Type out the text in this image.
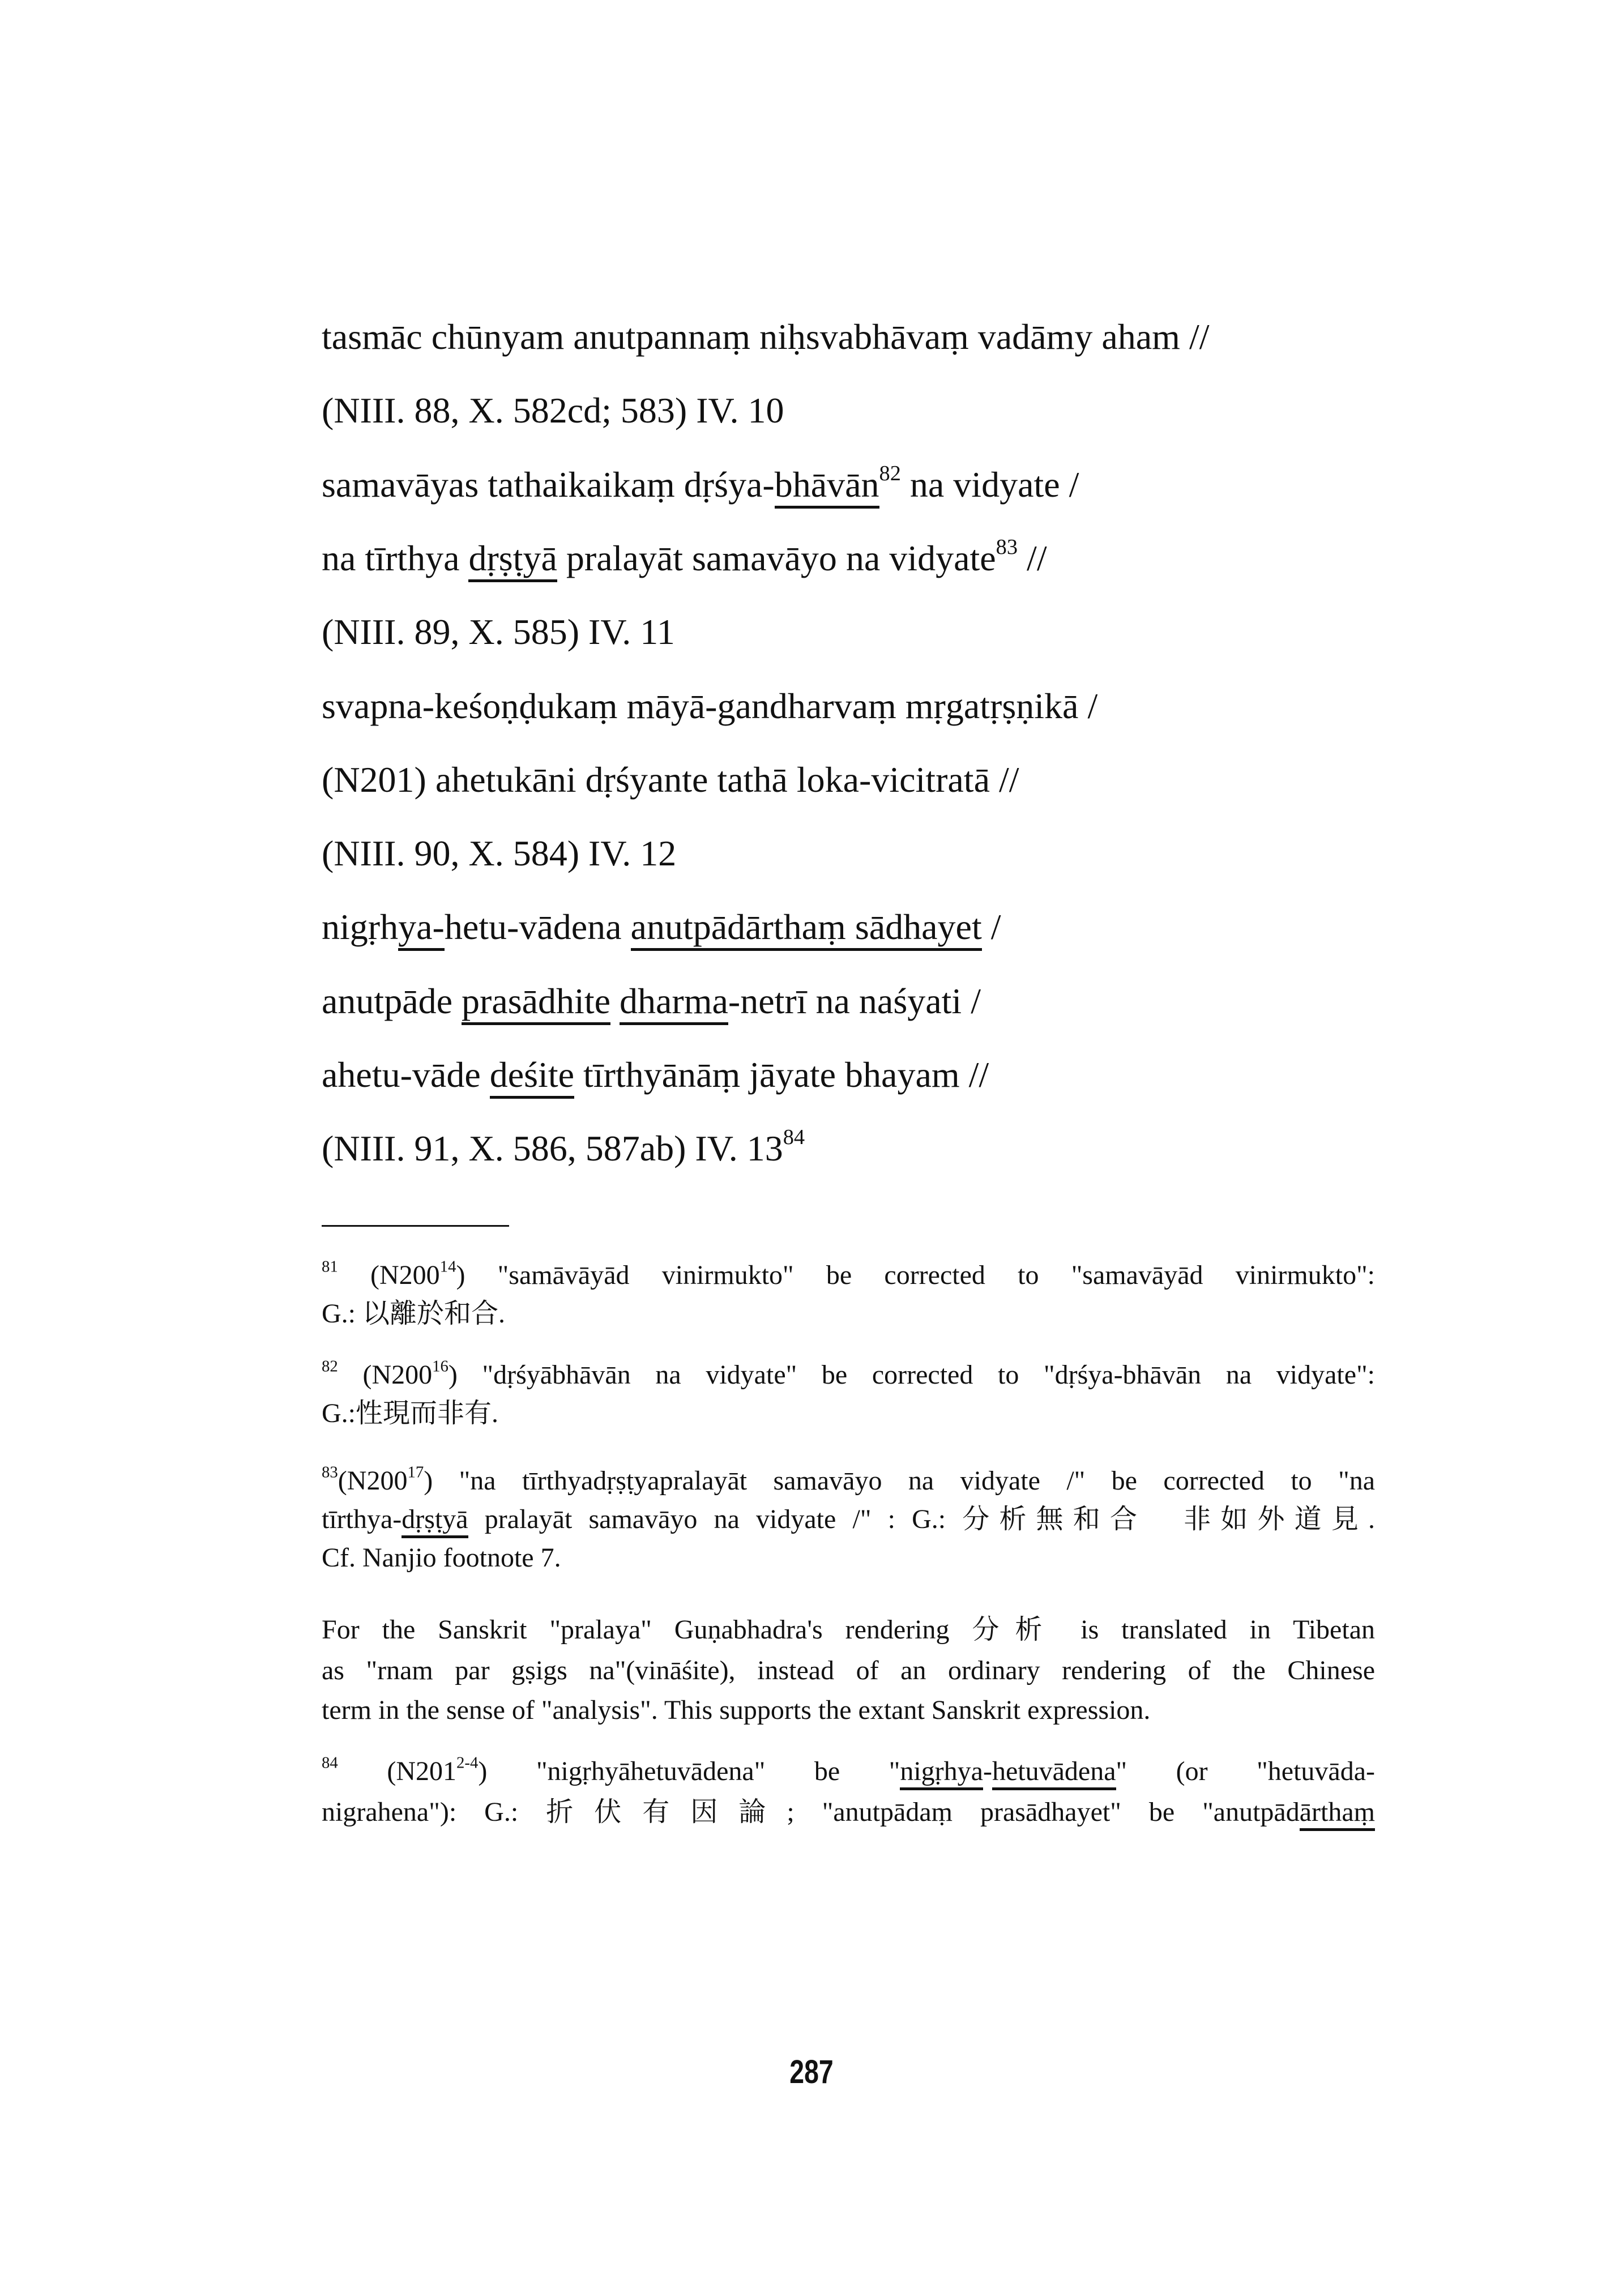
tasmāc chūnyam anutpannaṃ niḥsvabhāvaṃ vadāmy aham //
(NIII. 88, X. 582cd; 583) IV. 10
samavāyas tathaikaikaṃ dṛśya-bhāvān$^{82}$ na vidyate /
na tīrthya dṛṣṭyā pralayāt samavāyo na vidyate$^{83}$ //
(NIII. 89, X. 585) IV. 11
svapna-keśoṇḍukaṃ māyā-gandharvaṃ mṛgatṛṣṇikā /
(N201) ahetukāni dṛśyante tathā loka-vicitratā //
(NIII. 90, X. 584) IV. 12
nigṛhya-hetu-vādena anutpādārthaṃ sādhayet /
anutpāde prasādhite dharma-netrī na naśyati /
ahetu-vāde deśite tīrthyānāṃ jāyate bhayam //
(NIII. 91, X. 586, 587ab) IV. $13^{84}$
$^{81}$ $(N200^{14})$ "samāvāyād vinirmukto" be corrected to "samavāyād vinirmukto":
G.: 以離於和合.
$^{82}$ $(N200^{16})$ "dṛśyābhāvān na vidyate" be corrected to "dṛśya-bhāvān na vidyate":
G.:性現而非有.
$^{83}(N200^{17})$ "na tīrthyadṛṣṭyapralayāt samavāyo na vidyate /" be corrected to "na
tīrthya-dṛṣṭyā pralayāt samavāyo na vidyate /" : G.: 分析無和合　非如外道見.
Cf. Nanjio footnote 7.
For the Sanskrit "pralaya" Guṇabhadra's rendering 分析 is translated in Tibetan
as "rnam par gṣigs na"(vināśite), instead of an ordinary rendering of the Chinese
term in the sense of "analysis". This supports the extant Sanskrit expression.
$^{84}$ (N201$^{2-4}$) "nigṛhyāhetuvādena" be "nigṛhya-hetuvādena" (or "hetuvāda-
nigrahena"): G.: 折伏有因論; "anutpādaṃ prasādhayet" be "anutpādārthaṃ
287
